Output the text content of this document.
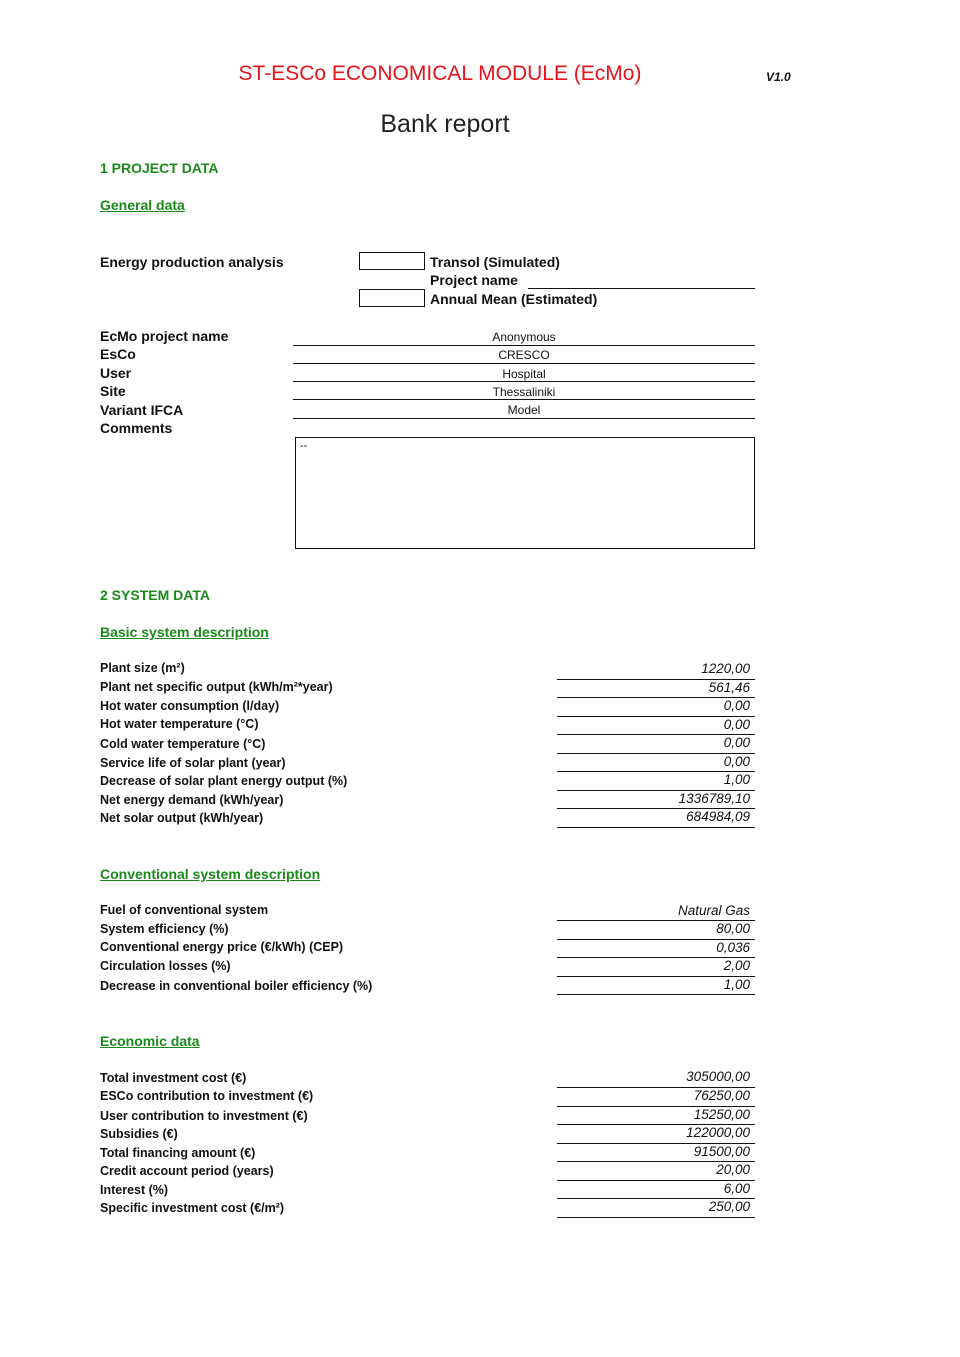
ST-ESCo ECONOMICAL MODULE (EcMo)	V1.0
Bank report
1 PROJECT DATA
General data
Energy production analysis	Transol (Simulated)
Project name
Annual Mean (Estimated)
EcMo project name	Anonymous
EsCo	CRESCO
User	Hospital
Site	Thessaliniki
Variant IFCA	Model
Comments
--
2 SYSTEM DATA
Basic system description
Plant size (m²)	1220,00
Plant net specific output (kWh/m²*year)	561,46
Hot water consumption (l/day)	0,00
Hot water temperature (°C)	0,00
Cold water temperature (°C)	0,00
Service life of solar plant (year)	0,00
Decrease of solar plant energy output (%)	1,00
Net energy demand (kWh/year)	1336789,10
Net solar output (kWh/year)	684984,09
Conventional system description
Fuel of conventional system	Natural Gas
System efficiency (%)	80,00
Conventional energy price (€/kWh) (CEP)	0,036
Circulation losses (%)	2,00
Decrease in conventional boiler efficiency (%)	1,00
Economic data
Total investment cost (€)	305000,00
ESCo contribution to investment (€)	76250,00
User contribution to investment (€)	15250,00
Subsidies (€)	122000,00
Total financing amount (€)	91500,00
Credit account period (years)	20,00
Interest (%)	6,00
Specific investment cost (€/m²)	250,00
